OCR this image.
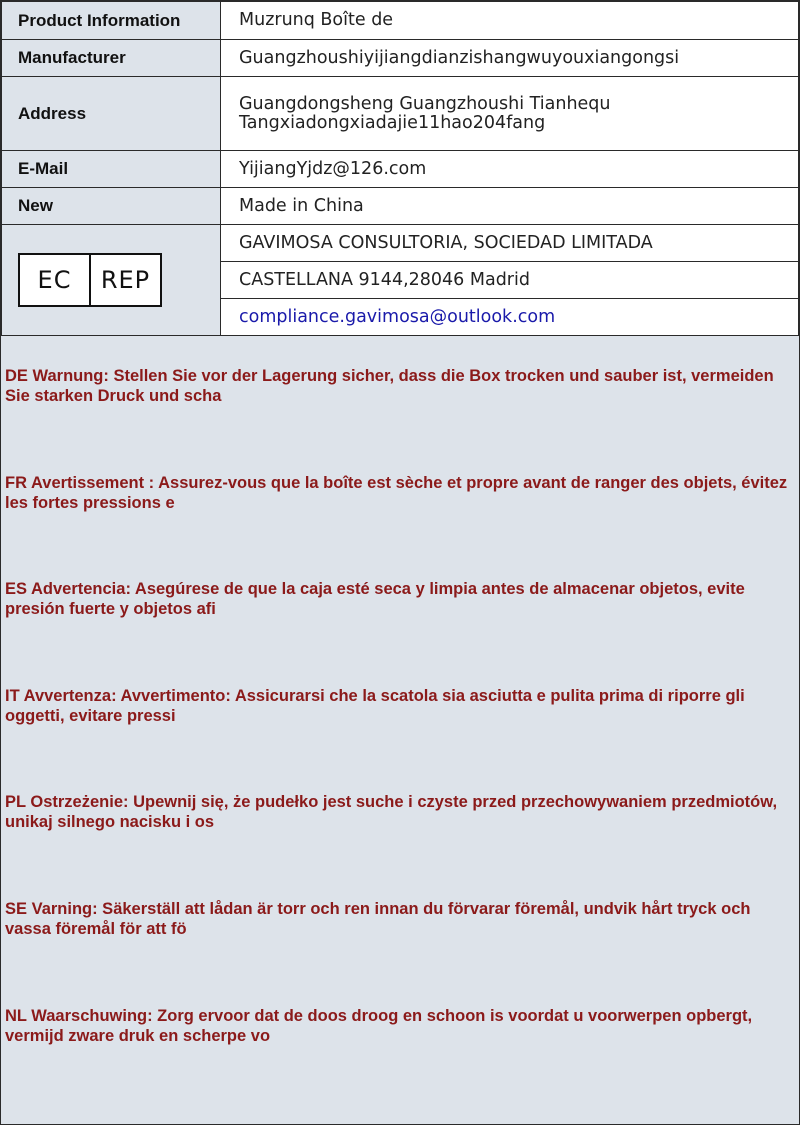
Product Information	Muzrunq Boîte de
Manufacturer	Guangzhoushiyijiangdianzishangwuyouxiangongsi
Address	Guangdongsheng Guangzhoushi Tianhequ
Tangxiadongxiadajie11hao204fang

E-Mail	YijiangYjdz@126.com
New	Made in China

EC REP	GAVIMOSA CONSULTORIA, SOCIEDAD LIMITADA
	CASTELLANA 9144,28046 Madrid
	compliance.gavimosa@outlook.com
DE Warnung: Stellen Sie vor der Lagerung sicher, dass die Box trocken und sauber ist, vermeiden Sie starken Druck und scha
FR Avertissement : Assurez-vous que la boîte est sèche et propre avant de ranger des objets, évitez les fortes pressions e
ES Advertencia: Asegúrese de que la caja esté seca y limpia antes de almacenar objetos, evite presión fuerte y objetos afi
IT Avvertenza: Avvertimento: Assicurarsi che la scatola sia asciutta e pulita prima di riporre gli oggetti, evitare pressi
PL Ostrzeżenie: Upewnij się, że pudełko jest suche i czyste przed przechowywaniem przedmiotów, unikaj silnego nacisku i os
SE Varning: Säkerställ att lådan är torr och ren innan du förvarar föremål, undvik hårt tryck och vassa föremål för att fö
NL Waarschuwing: Zorg ervoor dat de doos droog en schoon is voordat u voorwerpen opbergt, vermijd zware druk en scherpe vo
